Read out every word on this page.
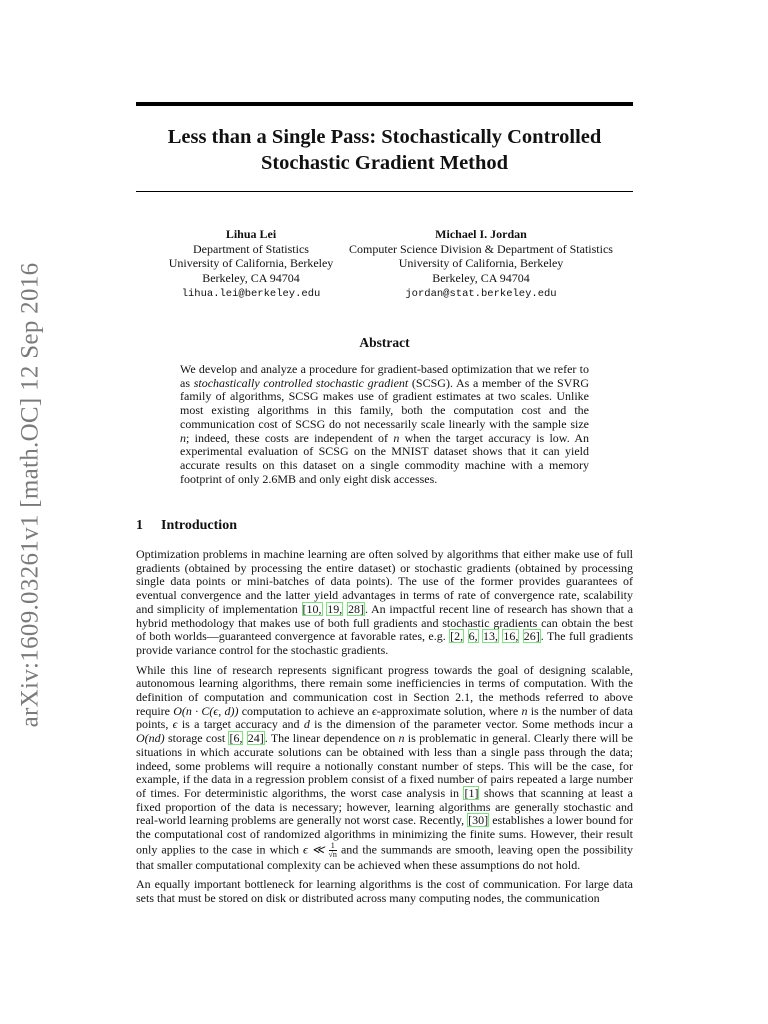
arXiv:1609.03261v1 [math.OC] 12 Sep 2016
Less than a Single Pass: Stochastically Controlled
Stochastic Gradient Method
Lihua Lei
Department of Statistics
University of California, Berkeley
Berkeley, CA 94704
lihua.lei@berkeley.edu
Michael I. Jordan
Computer Science Division & Department of Statistics
University of California, Berkeley
Berkeley, CA 94704
jordan@stat.berkeley.edu
Abstract

We develop and analyze a procedure for gradient-based optimization that we refer to as stochastically controlled stochastic gradient (SCSG). As a member of the SVRG family of algorithms, SCSG makes use of gradient estimates at two scales. Unlike most existing algorithms in this family, both the computation cost and the communication cost of SCSG do not necessarily scale linearly with the sample size n; indeed, these costs are independent of n when the target accuracy is low. An experimental evaluation of SCSG on the MNIST dataset shows that it can yield accurate results on this dataset on a single commodity machine with a memory footprint of only 2.6MB and only eight disk accesses.

1 Introduction

Optimization problems in machine learning are often solved by algorithms that either make use of full gradients (obtained by processing the entire dataset) or stochastic gradients (obtained by processing single data points or mini-batches of data points). The use of the former provides guarantees of eventual convergence and the latter yield advantages in terms of rate of convergence rate, scalability and simplicity of implementation [10, 19, 28]. An impactful recent line of research has shown that a hybrid methodology that makes use of both full gradients and stochastic gradients can obtain the best of both worlds—guaranteed convergence at favorable rates, e.g. [2, 6, 13, 16, 26]. The full gradients provide variance control for the stochastic gradients.

While this line of research represents significant progress towards the goal of designing scalable, autonomous learning algorithms, there remain some inefficiencies in terms of computation. With the definition of computation and communication cost in Section 2.1, the methods referred to above require O(n · C(ϵ, d)) computation to achieve an ϵ-approximate solution, where n is the number of data points, ϵ is a target accuracy and d is the dimension of the parameter vector. Some methods incur a O(nd) storage cost [6, 24]. The linear dependence on n is problematic in general. Clearly there will be situations in which accurate solutions can be obtained with less than a single pass through the data; indeed, some problems will require a notionally constant number of steps. This will be the case, for example, if the data in a regression problem consist of a fixed number of pairs repeated a large number of times. For deterministic algorithms, the worst case analysis in [1] shows that scanning at least a fixed proportion of the data is necessary; however, learning algorithms are generally stochastic and real-world learning problems are generally not worst case. Recently, [30] establishes a lower bound for the computational cost of randomized algorithms in minimizing the finite sums. However, their result only applies to the case in which ϵ ≪ $\frac{1}{√n}$ and the summands are smooth, leaving open the possibility that smaller computational complexity can be achieved when these assumptions do not hold.

An equally important bottleneck for learning algorithms is the cost of communication. For large data sets that must be stored on disk or distributed across many computing nodes, the communication
